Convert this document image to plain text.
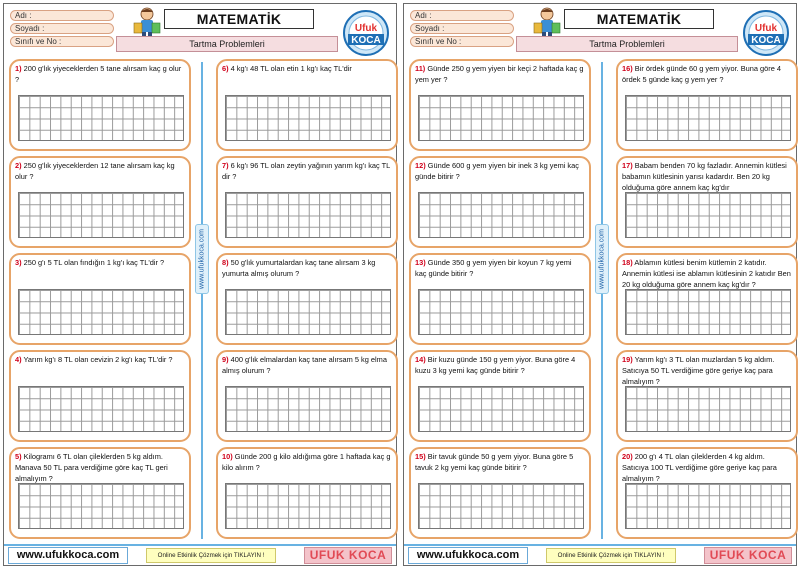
Adı :
Soyadı :
Sınıfı ve No :
MATEMATİK
Tartma Problemleri
Ufuk
KOCA
1) 200 g'lık yiyeceklerden 5 tane alırsam kaç g olur ?
2) 250 g'lık yiyeceklerden 12 tane alırsam kaç kg olur ?
3) 250 g'ı 5 TL olan fındığın 1 kg'ı kaç TL'dir ?
4) Yarım kg'ı 8 TL olan cevizin 2 kg'ı kaç TL'dir ?
5) Kilogramı 6 TL olan çileklerden 5 kg aldım. Manava 50 TL para verdiğime göre kaç TL geri almalıyım ?
www.ufukkoca.com
6) 4 kg'ı 48 TL olan etin 1 kg'ı kaç TL'dir
7) 6 kg'ı 96 TL olan zeytin yağının yarım kg'ı kaç TL dir ?
8) 50 g'lık yumurtalardan kaç tane alırsam 3 kg yumurta almış olurum ?
9) 400 g'lık elmalardan kaç tane alırsam 5 kg elma almış olurum ?
10) Günde 200 g kilo aldığıma göre 1 haftada kaç g kilo alırım ?
www.ufukkoca.com	Online Etkinlik Çözmek için TIKLAYIN !	UFUK KOCA
Adı :
Soyadı :
Sınıfı ve No :
MATEMATİK
Tartma Problemleri
Ufuk
KOCA
11) Günde 250 g yem yiyen bir keçi 2 haftada kaç g yem yer ?
12) Günde 600 g yem yiyen bir inek 3 kg yemi kaç günde bitirir ?
13) Günde 350 g yem yiyen bir koyun 7 kg yemi kaç günde bitirir ?
14) Bir kuzu günde 150 g yem yiyor. Buna göre 4 kuzu 3 kg yemi kaç günde bitirir ?
15) Bir tavuk günde 50 g yem yiyor. Buna göre 5 tavuk 2 kg yemi kaç günde bitirir ?
www.ufukkoca.com
16) Bir ördek günde 60 g yem yiyor. Buna göre 4 ördek 5 günde kaç g yem yer ?
17) Babam benden 70 kg fazladır. Annemin kütlesi babamın kütlesinin yarısı kadardır. Ben 20 kg olduğuma göre annem kaç kg'dır
18) Ablamın kütlesi benim kütlemin 2 katıdır. Annemin kütlesi ise ablamın kütlesinin 2 katıdır Ben 20 kg olduğuma göre annem kaç kg'dır ?
19) Yarım kg'ı 3 TL olan muzlardan 5 kg aldım. Satıcıya 50 TL verdiğime göre geriye kaç para almalıyım ?
20) 200 g'ı 4 TL olan çileklerden 4 kg aldım. Satıcıya 100 TL verdiğime göre geriye kaç para almalıyım ?
www.ufukkoca.com	Online Etkinlik Çözmek için TIKLAYIN !	UFUK KOCA
